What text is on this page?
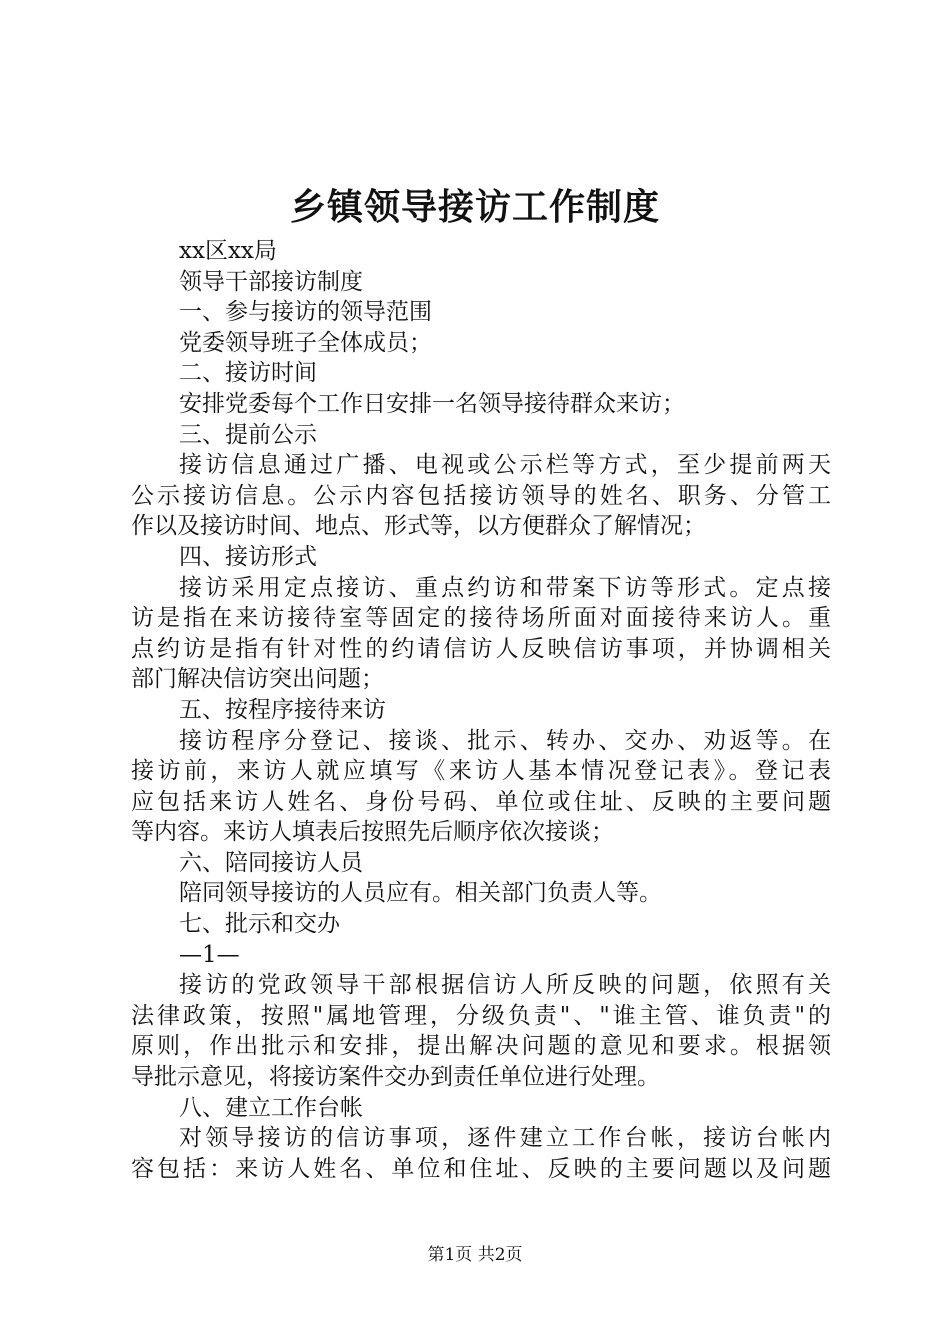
乡镇领导接访工作制度

xx区xx局

领导干部接访制度

一、参与接访的领导范围

党委领导班子全体成员；

二、接访时间

安排党委每个工作日安排一名领导接待群众来访；

三、提前公示

接访信息通过广播、电视或公示栏等方式，至少提前两天

公示接访信息。公示内容包括接访领导的姓名、职务、分管工

作以及接访时间、地点、形式等，以方便群众了解情况；

四、接访形式

接访采用定点接访、重点约访和带案下访等形式。定点接

访是指在来访接待室等固定的接待场所面对面接待来访人。重

点约访是指有针对性的约请信访人反映信访事项，并协调相关

部门解决信访突出问题；

五、按程序接待来访

接访程序分登记、接谈、批示、转办、交办、劝返等。在

接访前，来访人就应填写《来访人基本情况登记表》。登记表

应包括来访人姓名、身份号码、单位或住址、反映的主要问题

等内容。来访人填表后按照先后顺序依次接谈；

六、陪同接访人员

陪同领导接访的人员应有。相关部门负责人等。

七、批示和交办

—1—

接访的党政领导干部根据信访人所反映的问题，依照有关

法律政策，按照"属地管理，分级负责"、"谁主管、谁负责"的

原则，作出批示和安排，提出解决问题的意见和要求。根据领

导批示意见，将接访案件交办到责任单位进行处理。

八、建立工作台帐

对领导接访的信访事项，逐件建立工作台帐，接访台帐内

容包括：来访人姓名、单位和住址、反映的主要问题以及问题

第1页 共2页
